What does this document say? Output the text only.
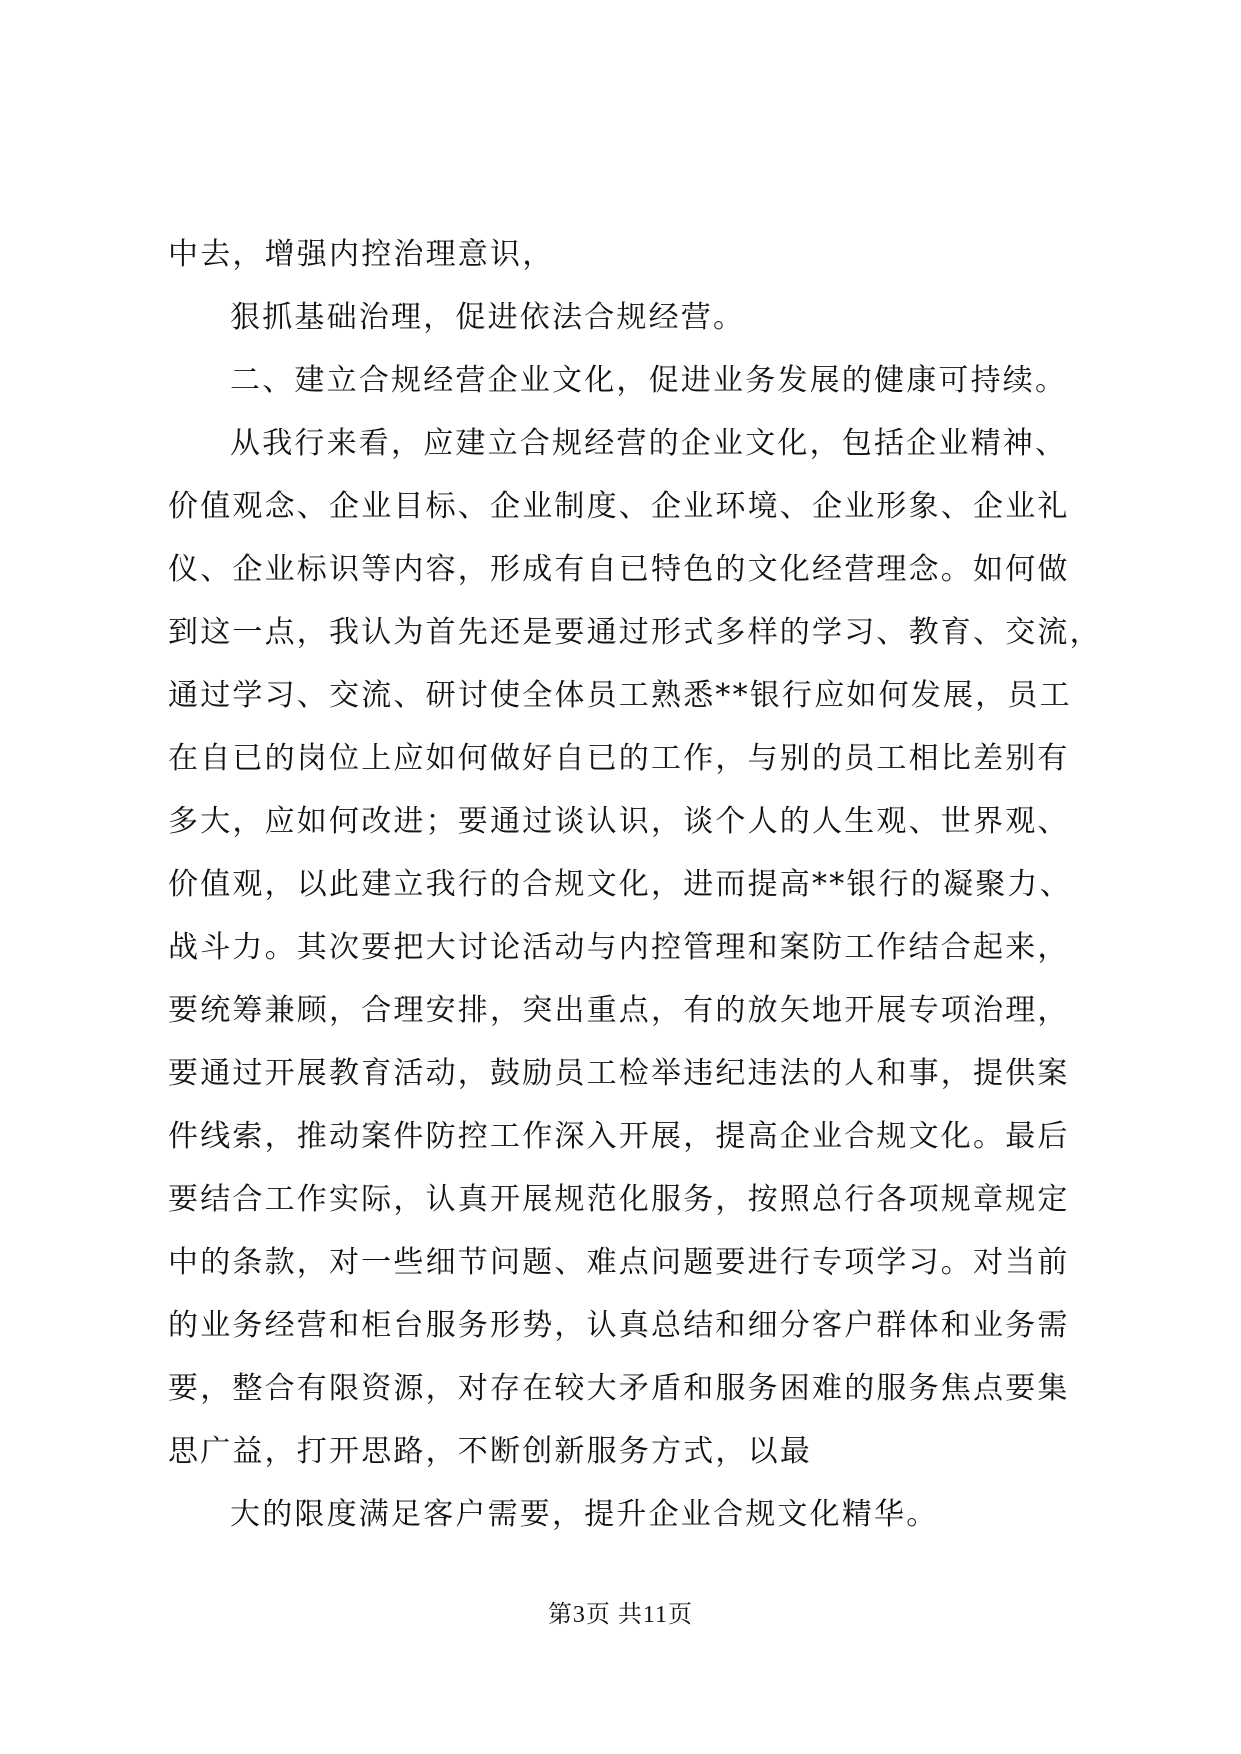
中去，增强内控治理意识，
狠抓基础治理，促进依法合规经营。
二、建立合规经营企业文化，促进业务发展的健康可持续。
从我行来看，应建立合规经营的企业文化，包括企业精神、
价值观念、企业目标、企业制度、企业环境、企业形象、企业礼
仪、企业标识等内容，形成有自已特色的文化经营理念。如何做
到这一点，我认为首先还是要通过形式多样的学习、教育、交流，
通过学习、交流、研讨使全体员工熟悉**银行应如何发展，员工
在自已的岗位上应如何做好自已的工作，与别的员工相比差别有
多大，应如何改进；要通过谈认识，谈个人的人生观、世界观、
价值观，以此建立我行的合规文化，进而提高**银行的凝聚力、
战斗力。其次要把大讨论活动与内控管理和案防工作结合起来，
要统筹兼顾，合理安排，突出重点，有的放矢地开展专项治理，
要通过开展教育活动，鼓励员工检举违纪违法的人和事，提供案
件线索，推动案件防控工作深入开展，提高企业合规文化。最后
要结合工作实际，认真开展规范化服务，按照总行各项规章规定
中的条款，对一些细节问题、难点问题要进行专项学习。对当前
的业务经营和柜台服务形势，认真总结和细分客户群体和业务需
要，整合有限资源，对存在较大矛盾和服务困难的服务焦点要集
思广益，打开思路，不断创新服务方式，以最
大的限度满足客户需要，提升企业合规文化精华。
第3页 共11页
